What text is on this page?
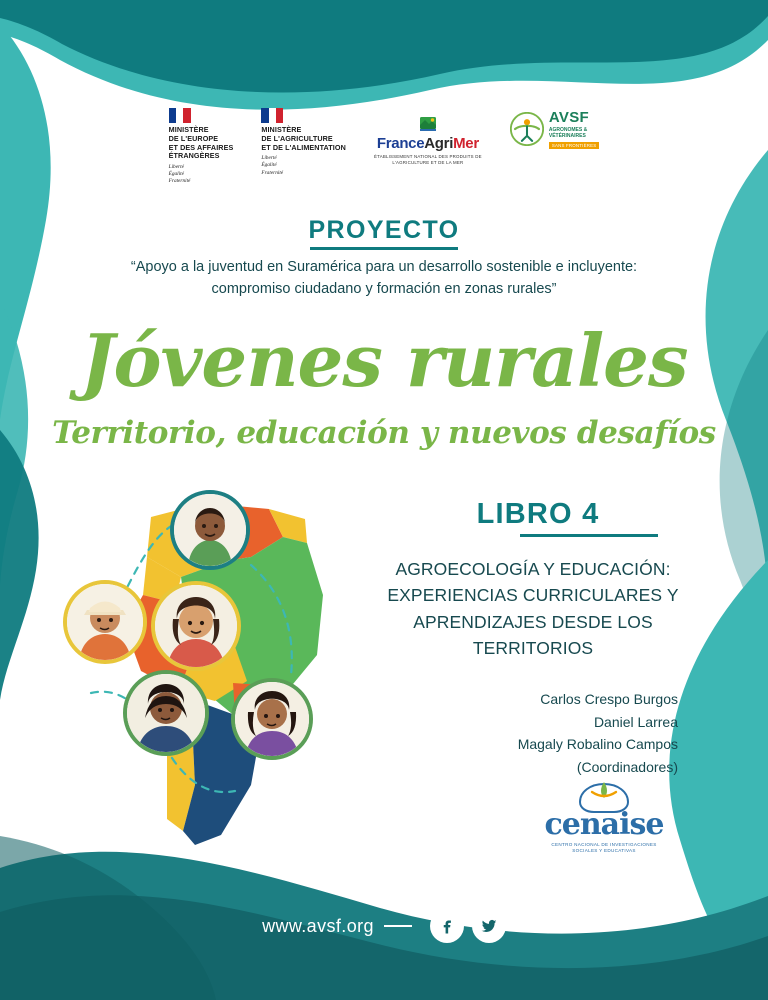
MINISTÈRE
DE L'EUROPE
ET DES AFFAIRES
ÉTRANGÈRES
Liberté
Égalité
Fraternité
MINISTÈRE
DE L'AGRICULTURE
ET DE L'ALIMENTATION
Liberté
Égalité
Fraternité
FranceAgriMer
ÉTABLISSEMENT NATIONAL DES PRODUITS DE L'AGRICULTURE ET DE LA MER
AVSF
AGRONOMES &
VÉTÉRINAIRES
SANS FRONTIÈRES
PROYECTO
“Apoyo a la juventud en Suramérica para un desarrollo sostenible e incluyente: compromiso ciudadano y formación en zonas rurales”
Jóvenes rurales
Territorio, educación y nuevos desafíos
LIBRO 4
AGROECOLOGÍA Y EDUCACIÓN: EXPERIENCIAS CURRICULARES Y APRENDIZAJES DESDE LOS TERRITORIOS
Carlos Crespo Burgos
Daniel Larrea
Magaly Robalino Campos
(Coordinadores)
cenaise
CENTRO NACIONAL DE INVESTIGACIONES
SOCIALES Y EDUCATIVAS
www.avsf.org
